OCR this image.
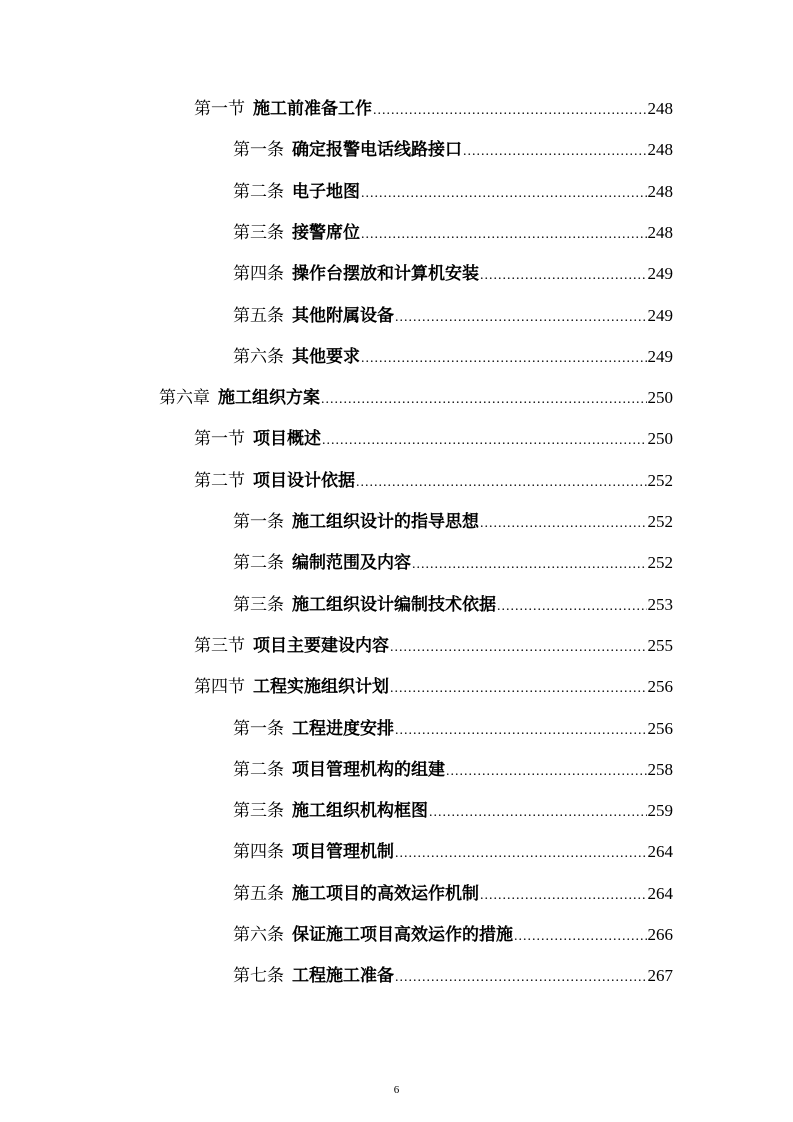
第一节 施工前准备工作 .....	248
第一条 确定报警电话线路接口 .....	248
第二条 电子地图 .....	248
第三条 接警席位 .....	248
第四条 操作台摆放和计算机安装 .....	249
第五条 其他附属设备 .....	249
第六条 其他要求 .....	249
第六章 施工组织方案 .....	250
第一节 项目概述 .....	250
第二节 项目设计依据 .....	252
第一条 施工组织设计的指导思想 .....	252
第二条 编制范围及内容 .....	252
第三条 施工组织设计编制技术依据 .....	253
第三节 项目主要建设内容 .....	255
第四节 工程实施组织计划 .....	256
第一条 工程进度安排 .....	256
第二条 项目管理机构的组建 .....	258
第三条 施工组织机构框图 .....	259
第四条 项目管理机制 .....	264
第五条 施工项目的高效运作机制 .....	264
第六条 保证施工项目高效运作的措施 .....	266
第七条 工程施工准备 .....	267
6
